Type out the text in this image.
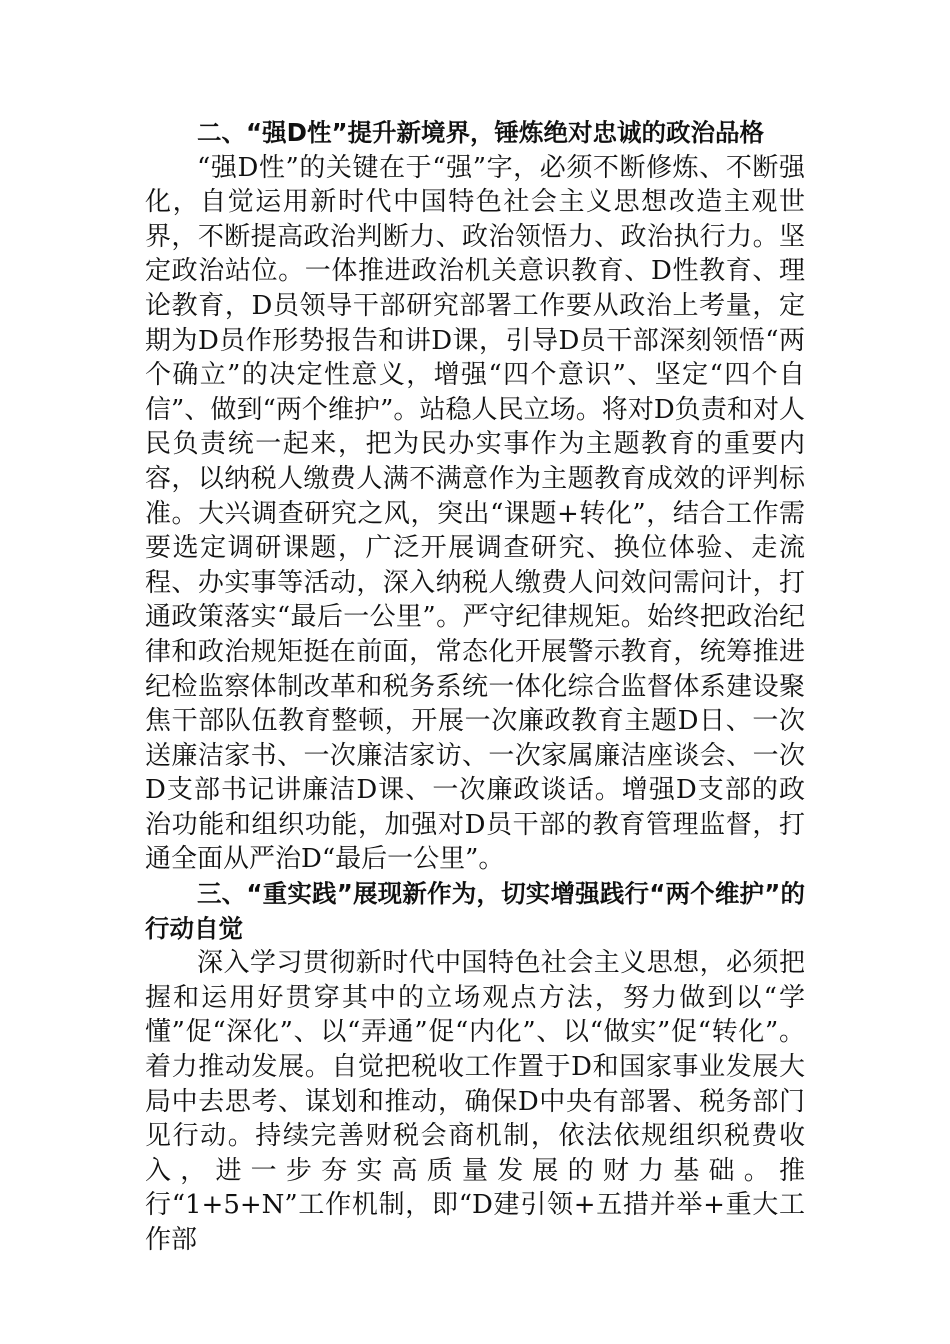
二、“强D性”提升新境界，锤炼绝对忠诚的政治品格

“强D性”的关键在于“强”字，必须不断修炼、不断强化，自觉运用新时代中国特色社会主义思想改造主观世界，不断提高政治判断力、政治领悟力、政治执行力。坚定政治站位。一体推进政治机关意识教育、D性教育、理论教育，D员领导干部研究部署工作要从政治上考量，定期为D员作形势报告和讲D课，引导D员干部深刻领悟“两个确立”的决定性意义，增强“四个意识”、坚定“四个自信”、做到“两个维护”。站稳人民立场。将对D负责和对人民负责统一起来，把为民办实事作为主题教育的重要内容，以纳税人缴费人满不满意作为主题教育成效的评判标准。大兴调查研究之风，突出“课题+转化”，结合工作需要选定调研课题，广泛开展调查研究、换位体验、走流程、办实事等活动，深入纳税人缴费人问效问需问计，打通政策落实“最后一公里”。严守纪律规矩。始终把政治纪律和政治规矩挺在前面，常态化开展警示教育，统筹推进纪检监察体制改革和税务系统一体化综合监督体系建设聚焦干部队伍教育整顿，开展一次廉政教育主题D日、一次送廉洁家书、一次廉洁家访、一次家属廉洁座谈会、一次D支部书记讲廉洁D课、一次廉政谈话。增强D支部的政治功能和组织功能，加强对D员干部的教育管理监督，打通全面从严治D“最后一公里”。

三、“重实践”展现新作为，切实增强践行“两个维护”的行动自觉

深入学习贯彻新时代中国特色社会主义思想，必须把握和运用好贯穿其中的立场观点方法，努力做到以“学懂”促“深化”、以“弄通”促“内化”、以“做实”促“转化”。着力推动发展。自觉把税收工作置于D和国家事业发展大局中去思考、谋划和推动，确保D中央有部署、税务部门见行动。持续完善财税会商机制，依法依规组织税费收入，进一步夯实高质量发展的财力基础。推行“1+5+N”工作机制，即“D建引领+五措并举+重大工作部
